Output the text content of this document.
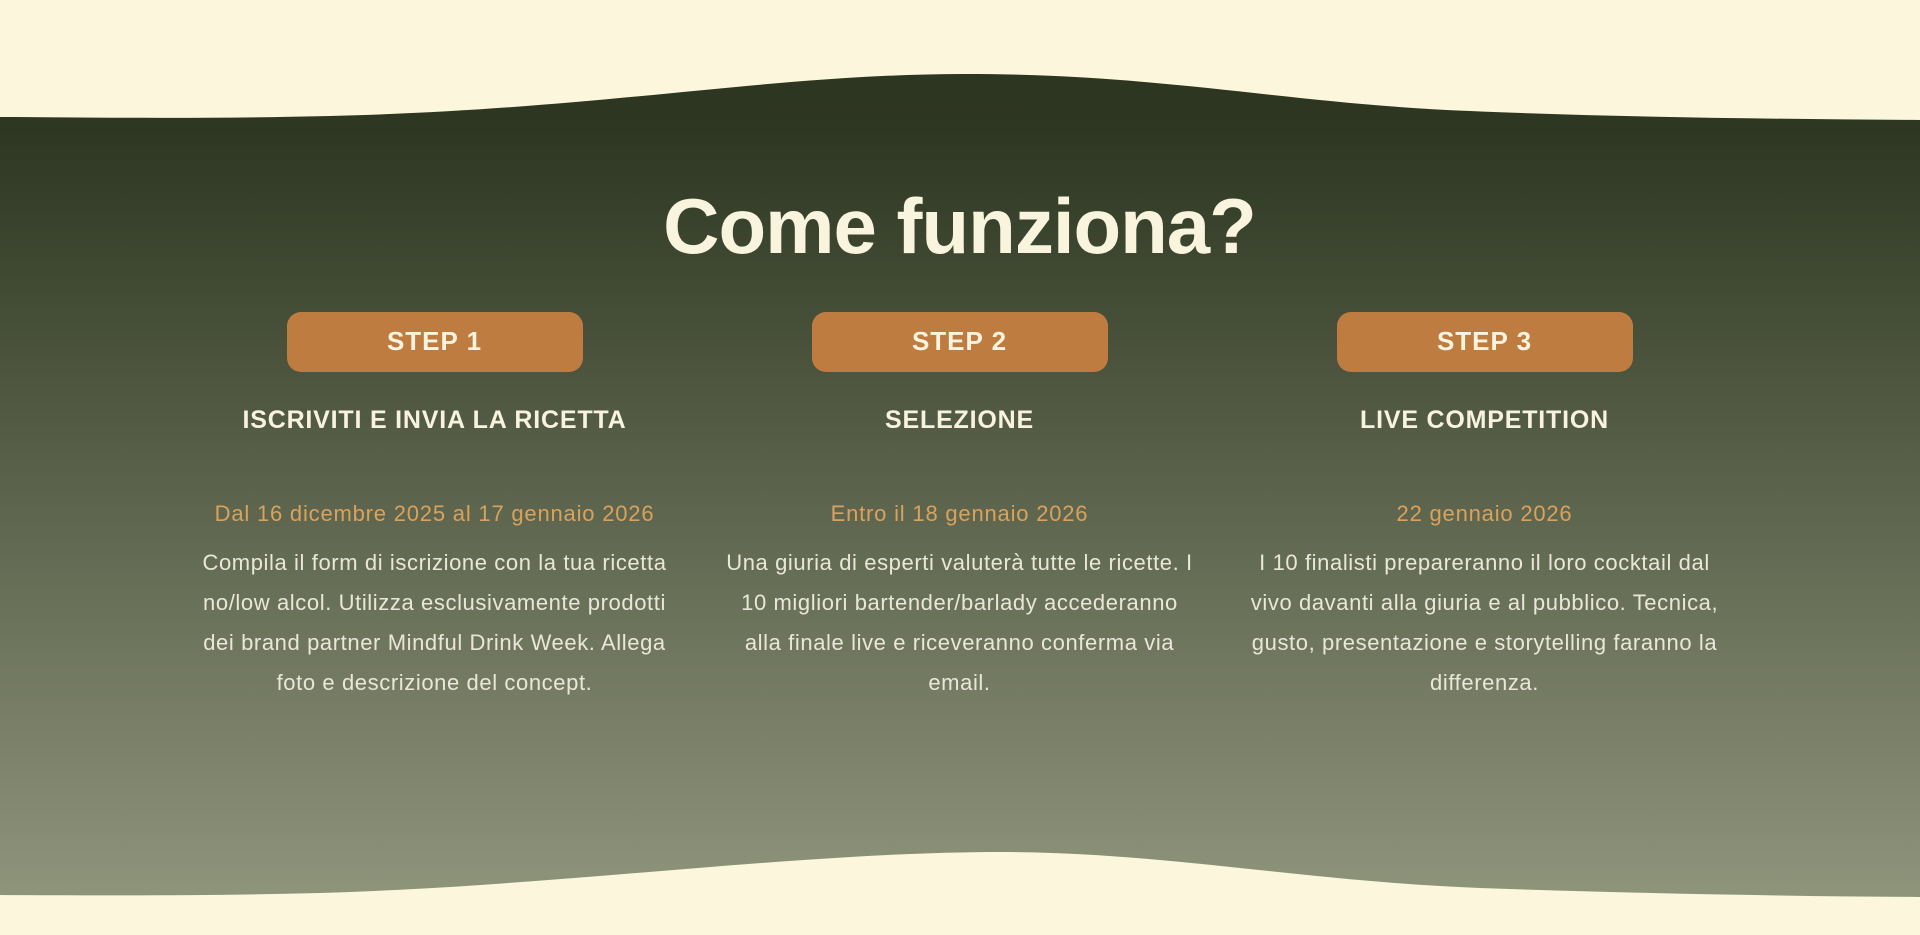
Come funziona?
STEP 1
ISCRIVITI E INVIA LA RICETTA
Dal 16 dicembre 2025 al 17 gennaio 2026

Compila il form di iscrizione con la tua ricetta no/low alcol. Utilizza esclusivamente prodotti dei brand partner Mindful Drink Week. Allega foto e descrizione del concept.

STEP 2
SELEZIONE
Entro il 18 gennaio 2026

Una giuria di esperti valuterà tutte le ricette. I 10 migliori bartender/barlady accederanno alla finale live e riceveranno conferma via email.

STEP 3
LIVE COMPETITION
22 gennaio 2026

I 10 finalisti prepareranno il loro cocktail dal vivo davanti alla giuria e al pubblico. Tecnica, gusto, presentazione e storytelling faranno la differenza.
